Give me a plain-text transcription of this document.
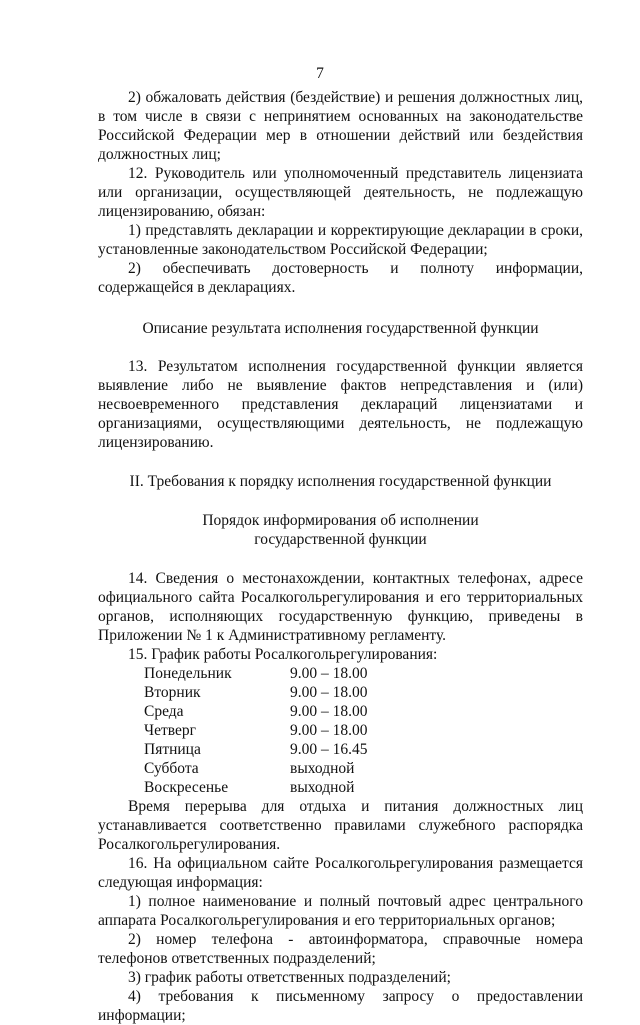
7

2) обжаловать действия (бездействие) и решения должностных лиц, в том числе в связи с непринятием основанных на законодательстве Российской Федерации мер в отношении действий или бездействия должностных лиц;

12. Руководитель или уполномоченный представитель лицензиата или организации, осуществляющей деятельность, не подлежащую лицензированию, обязан:

1) представлять декларации и корректирующие декларации в сроки, установленные законодательством Российской Федерации;

2) обеспечивать достоверность и полноту информации, содержащейся в декларациях.

Описание результата исполнения государственной функции

13. Результатом исполнения государственной функции является выявление либо не выявление фактов непредставления и (или) несвоевременного представления деклараций лицензиатами и организациями, осуществляющими деятельность, не подлежащую лицензированию.

II. Требования к порядку исполнения государственной функции

Порядок информирования об исполнении

государственной функции

14. Сведения о местонахождении, контактных телефонах, адресе официального сайта Росалкогольрегулирования и его территориальных органов, исполняющих государственную функцию, приведены в Приложении № 1 к Административному регламенту.

15. График работы Росалкогольрегулирования:

Понедельник	9.00 – 18.00
Вторник	9.00 – 18.00
Среда	9.00 – 18.00
Четверг	9.00 – 18.00
Пятница	9.00 – 16.45
Суббота	выходной
Воскресенье	выходной

Время перерыва для отдыха и питания должностных лиц устанавливается соответственно правилами служебного распорядка Росалкогольрегулирования.

16. На официальном сайте Росалкогольрегулирования размещается следующая информация:

1) полное наименование и полный почтовый адрес центрального аппарата Росалкогольрегулирования и его территориальных органов;

2) номер телефона - автоинформатора, справочные номера телефонов ответственных подразделений;

3) график работы ответственных подразделений;

4) требования к письменному запросу о предоставлении информации;
